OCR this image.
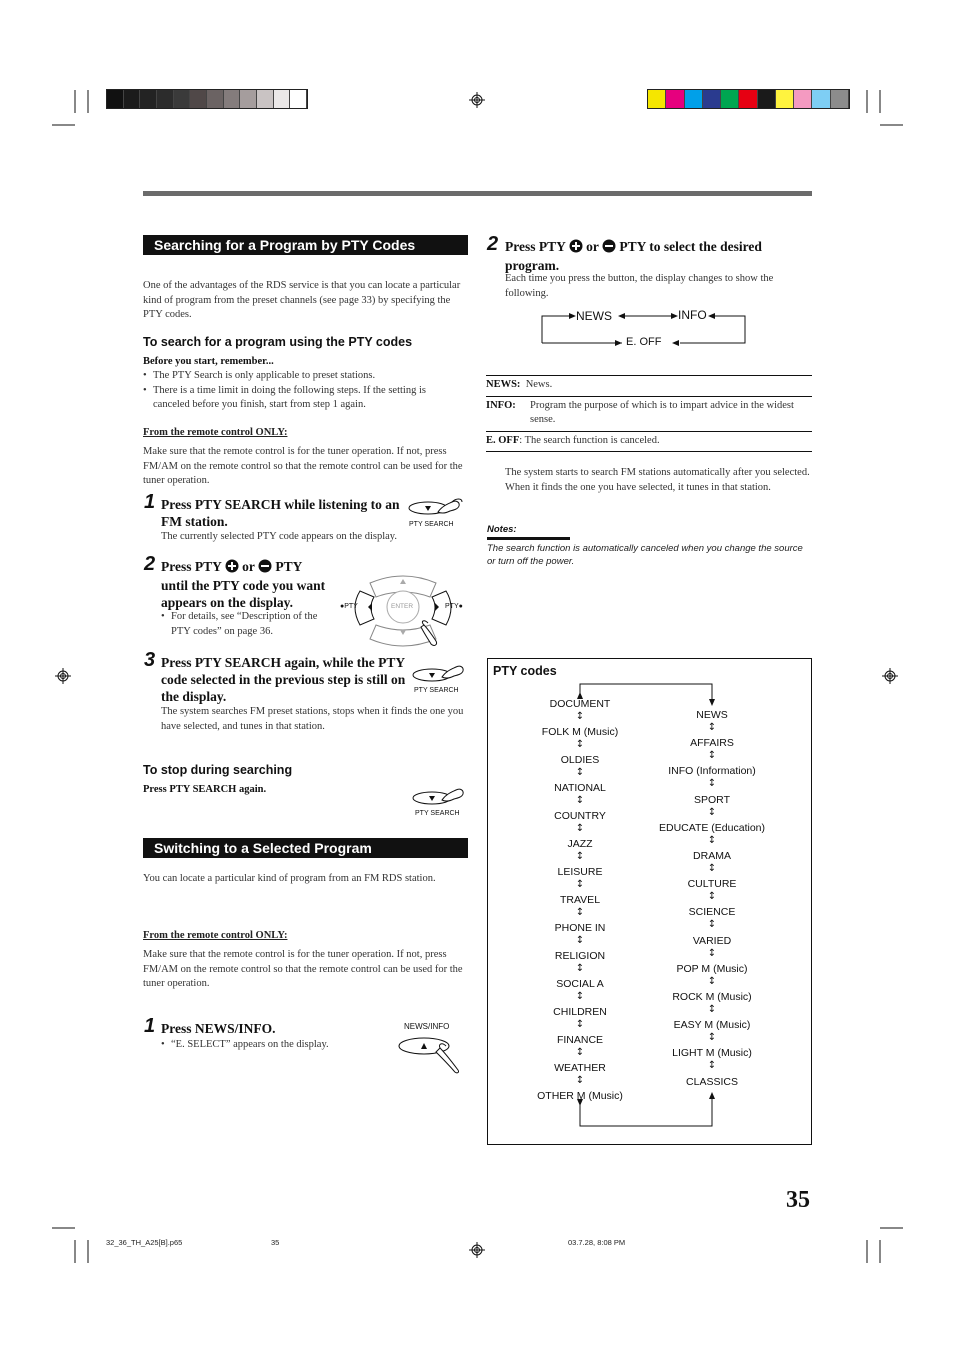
Searching for a Program by PTY Codes
One of the advantages of the RDS service is that you can locate a particular kind of program from the preset channels (see page 33) by specifying the PTY codes.
To search for a program using the PTY codes
Before you start, remember...
• The PTY Search is only applicable to preset stations.
• There is a time limit in doing the following steps. If the setting is canceled before you finish, start from step 1 again.
From the remote control ONLY:
Make sure that the remote control is for the tuner operation. If not, press FM/AM on the remote control so that the remote control can be used for the tuner operation.
1 Press PTY SEARCH while listening to an FM station.
The currently selected PTY code appears on the display.
PTY SEARCH
2 Press PTY or PTY
until the PTY code you want appears on the display.
• For details, see “Description of the PTY codes” on page 36.
ENTER
●PTY	PTY●
3 Press PTY SEARCH again, while the PTY code selected in the previous step is still on the display.
The system searches FM preset stations, stops when it finds the one you have selected, and tunes in that station.
PTY SEARCH
To stop during searching
Press PTY SEARCH again.
PTY SEARCH
Switching to a Selected Program
You can locate a particular kind of program from an FM RDS station.
From the remote control ONLY:
Make sure that the remote control is for the tuner operation. If not, press FM/AM on the remote control so that the remote control can be used for the tuner operation.
1 Press NEWS/INFO.
• “E. SELECT” appears on the display.
NEWS/INFO
2 Press PTY or PTY to select the desired program.
Each time you press the button, the display changes to show the following.
NEWS	INFO
E. OFF
NEWS: News.
INFO:	Program the purpose of which is to impart advice in the widest sense.
E. OFF: The search function is canceled.
The system starts to search FM stations automatically after you selected. When it finds the one you have selected, it tunes in that station.
Notes:
The search function is automatically canceled when you change the source or turn off the power.
PTY codes
DOCUMENT
↕
FOLK M (Music)
↕
OLDIES
↕
NATIONAL
↕
COUNTRY
↕
JAZZ
↕
LEISURE
↕
TRAVEL
↕
PHONE IN
↕
RELIGION
↕
SOCIAL A
↕
CHILDREN
↕
FINANCE
↕
WEATHER
↕
OTHER M (Music)
NEWS
↕
AFFAIRS
↕
INFO (Information)
↕
SPORT
↕
EDUCATE (Education)
↕
DRAMA
↕
CULTURE
↕
SCIENCE
↕
VARIED
↕
POP M (Music)
↕
ROCK M (Music)
↕
EASY M (Music)
↕
LIGHT M (Music)
↕
CLASSICS
35
32_36_TH_A25[B].p65	35	03.7.28, 8:08 PM
